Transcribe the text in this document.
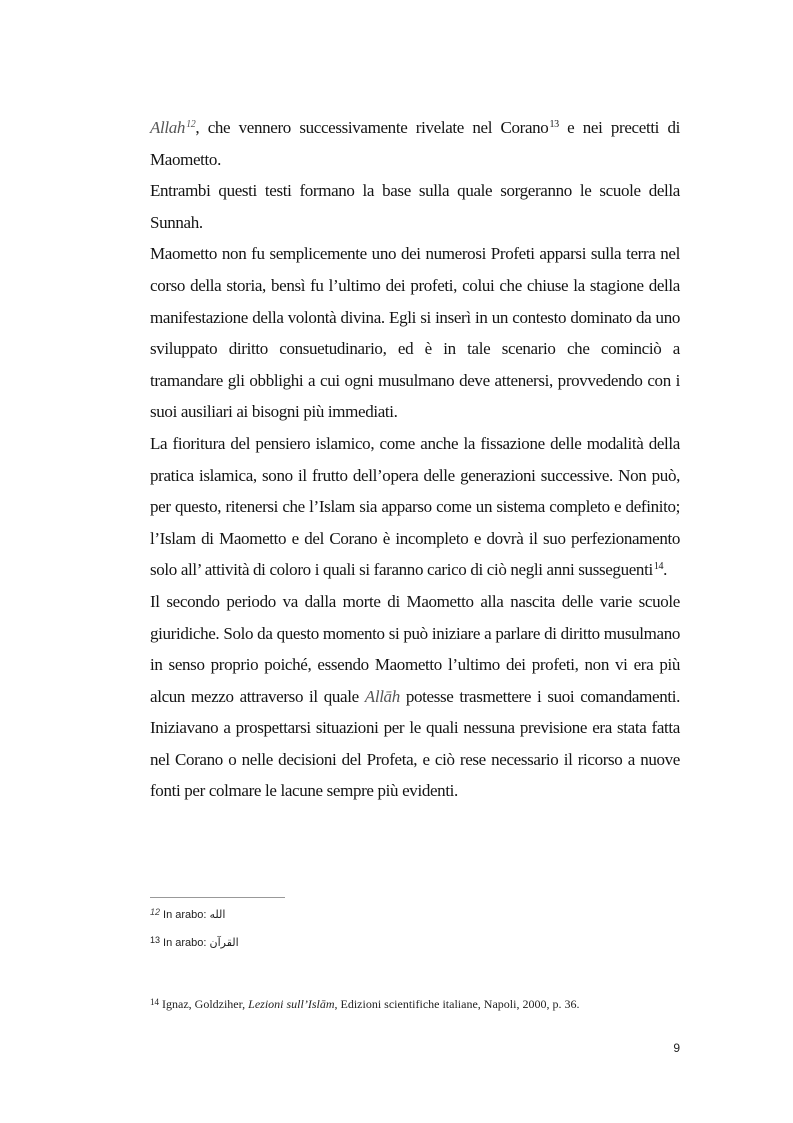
Allah$^{12}$, che vennero successivamente rivelate nel Corano$^{13}$ e nei precetti di Maometto.

Entrambi questi testi formano la base sulla quale sorgeranno le scuole della Sunnah.

Maometto non fu semplicemente uno dei numerosi Profeti apparsi sulla terra nel corso della storia, bensì fu l’ultimo dei profeti, colui che chiuse la stagione della manifestazione della volontà divina. Egli si inserì in un contesto dominato da uno sviluppato diritto consuetudinario, ed è in tale scenario che cominciò a tramandare gli obblighi a cui ogni musulmano deve attenersi, provvedendo con i suoi ausiliari ai bisogni più immediati.

La fioritura del pensiero islamico, come anche la fissazione delle modalità della pratica islamica, sono il frutto dell’opera delle generazioni successive. Non può, per questo, ritenersi che l’Islam sia apparso come un sistema completo e definito; l’Islam di Maometto e del Corano è incompleto e dovrà il suo perfezionamento solo all’ attività di coloro i quali si faranno carico di ciò negli anni susseguenti$^{14}$.

Il secondo periodo va dalla morte di Maometto alla nascita delle varie scuole giuridiche. Solo da questo momento si può iniziare a parlare di diritto musulmano in senso proprio poiché, essendo Maometto l’ultimo dei profeti, non vi era più alcun mezzo attraverso il quale Allāh potesse trasmettere i suoi comandamenti. Iniziavano a prospettarsi situazioni per le quali nessuna previsione era stata fatta nel Corano o nelle decisioni del Profeta, e ciò rese necessario il ricorso a nuove fonti per colmare le lacune sempre più evidenti.

$^{12}$ In arabo: الله
$^{13}$ In arabo: القرآن
$^{14}$ Ignaz, Goldziher, Lezioni sull’Islām, Edizioni scientifiche italiane, Napoli, 2000, p. 36.
9
